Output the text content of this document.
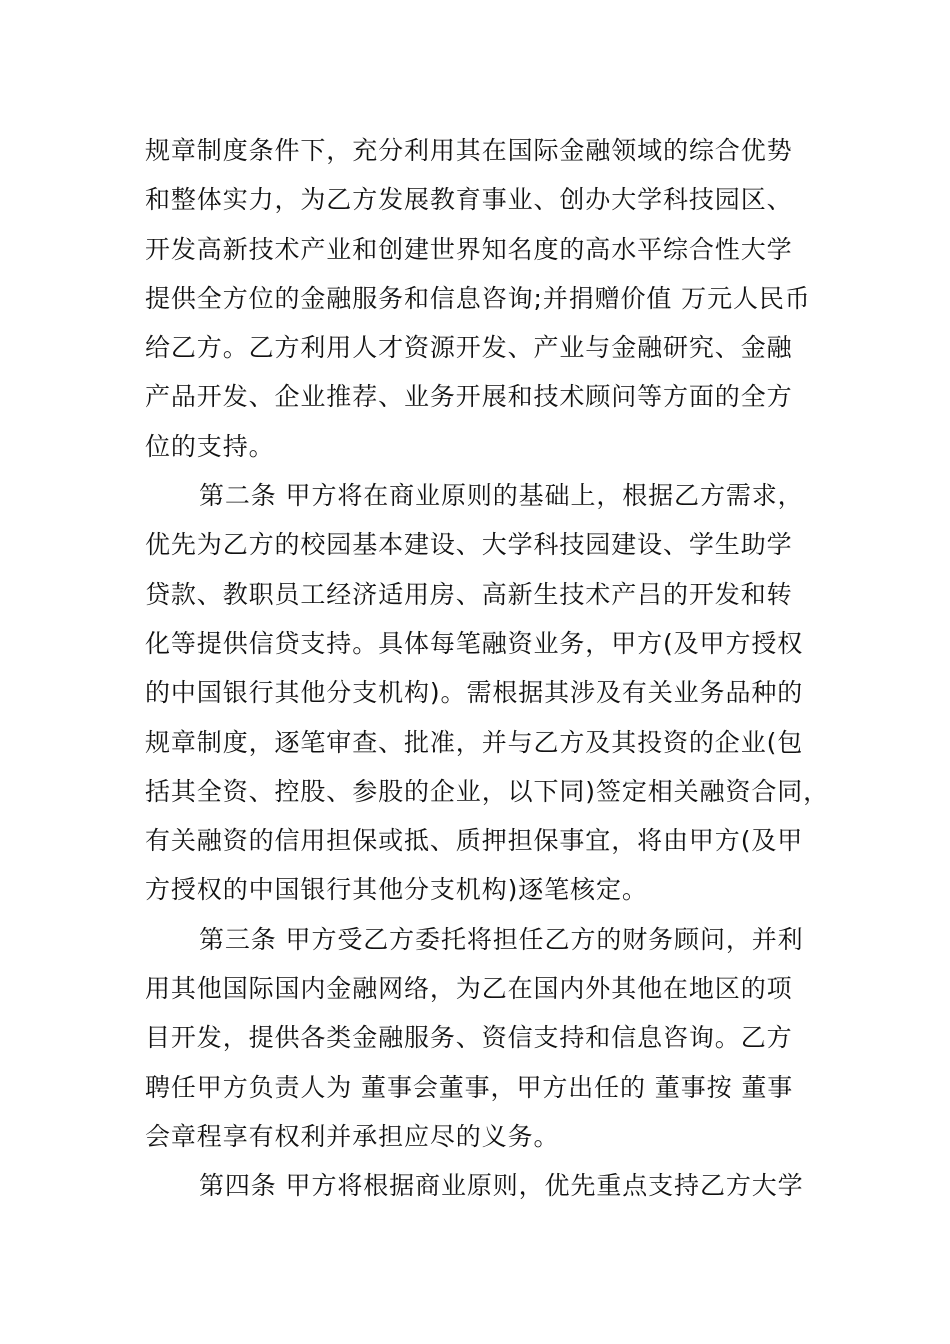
规章制度条件下，充分利用其在国际金融领域的综合优势
和整体实力，为乙方发展教育事业、创办大学科技园区、
开发高新技术产业和创建世界知名度的高水平综合性大学
提供全方位的金融服务和信息咨询;并捐赠价值 万元人民币
给乙方。乙方利用人才资源开发、产业与金融研究、金融
产品开发、企业推荐、业务开展和技术顾问等方面的全方
位的支持。
第二条 甲方将在商业原则的基础上，根据乙方需求，
优先为乙方的校园基本建设、大学科技园建设、学生助学
贷款、教职员工经济适用房、高新生技术产吕的开发和转
化等提供信贷支持。具体每笔融资业务，甲方(及甲方授权
的中国银行其他分支机构)。需根据其涉及有关业务品种的
规章制度，逐笔审查、批准，并与乙方及其投资的企业(包
括其全资、控股、参股的企业，以下同)签定相关融资合同，
有关融资的信用担保或抵、质押担保事宜，将由甲方(及甲
方授权的中国银行其他分支机构)逐笔核定。
第三条 甲方受乙方委托将担任乙方的财务顾问，并利
用其他国际国内金融网络，为乙在国内外其他在地区的项
目开发，提供各类金融服务、资信支持和信息咨询。乙方
聘任甲方负责人为 董事会董事，甲方出任的 董事按 董事
会章程享有权利并承担应尽的义务。
第四条 甲方将根据商业原则，优先重点支持乙方大学
